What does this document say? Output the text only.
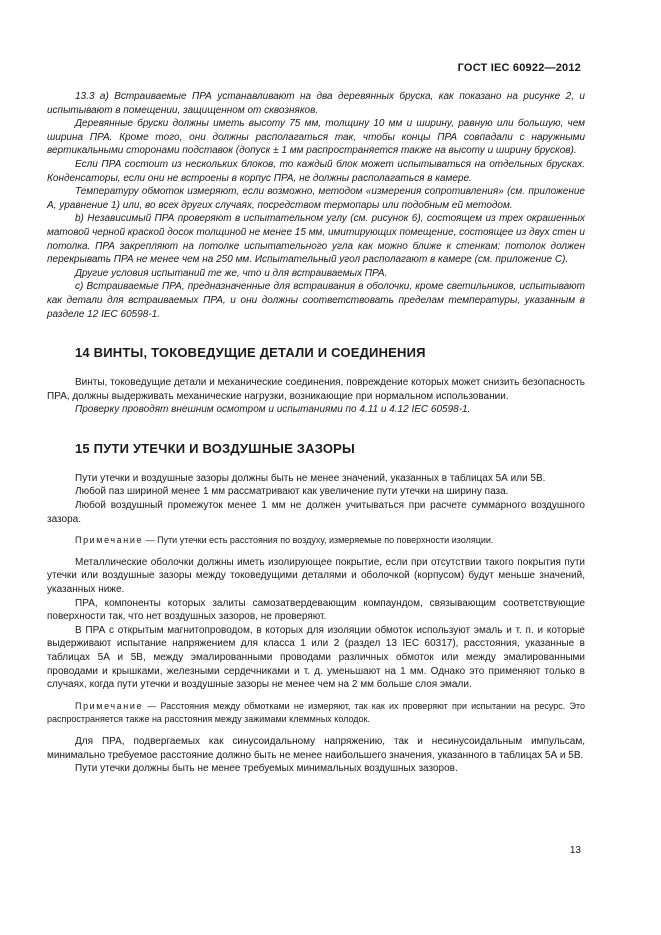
ГОСТ IEC 60922—2012

13.3 a) Встраиваемые ПРА устанавливают на два деревянных бруска, как показано на рисунке 2, и испытывают в помещении, защищенном от сквозняков.

Деревянные бруски должны иметь высоту 75 мм, толщину 10 мм и ширину, равную или большую, чем ширина ПРА. Кроме того, они должны располагаться так, чтобы концы ПРА совпадали с наружными вертикальными сторонами подставок (допуск ± 1 мм распространяется также на высоту и ширину брусков).

Если ПРА состоит из нескольких блоков, то каждый блок может испытываться на отдельных брусках. Конденсаторы, если они не встроены в корпус ПРА, не должны располагаться в камере.

Температуру обмоток измеряют, если возможно, методом «измерения сопротивления» (см. приложение А, уравнение 1) или, во всех других случаях, посредством термопары или подобным ей методом.

b) Независимый ПРА проверяют в испытательном углу (см. рисунок 6), состоящем из трех окрашенных матовой черной краской досок толщиной не менее 15 мм, имитирующих помещение, состоящее из двух стен и потолка. ПРА закрепляют на потолке испытательного угла как можно ближе к стенкам: потолок должен перекрывать ПРА не менее чем на 250 мм. Испытательный угол располагают в камере (см. приложение С).

Другие условия испытаний те же, что и для встраиваемых ПРА.

с) Встраиваемые ПРА, предназначенные для встраивания в оболочки, кроме светильников, испытывают как детали для встраиваемых ПРА, и они должны соответствовать пределам температуры, указанным в разделе 12 IEC 60598-1.

14 ВИНТЫ, ТОКОВЕДУЩИЕ ДЕТАЛИ И СОЕДИНЕНИЯ

Винты, токоведущие детали и механические соединения, повреждение которых может снизить безопасность ПРА, должны выдерживать механические нагрузки, возникающие при нормальном использовании.

Проверку проводят внешним осмотром и испытаниями по 4.11 и 4.12 IEC 60598-1.

15 ПУТИ УТЕЧКИ И ВОЗДУШНЫЕ ЗАЗОРЫ

Пути утечки и воздушные зазоры должны быть не менее значений, указанных в таблицах 5А или 5В.

Любой паз шириной менее 1 мм рассматривают как увеличение пути утечки на ширину паза.

Любой воздушный промежуток менее 1 мм не должен учитываться при расчете суммарного воздушного зазора.

Примечание — Пути утечки есть расстояния по воздуху, измеряемые по поверхности изоляции.

Металлические оболочки должны иметь изолирующее покрытие, если при отсутствии такого покрытия пути утечки или воздушные зазоры между токоведущими деталями и оболочкой (корпусом) будут меньше значений, указанных ниже.

ПРА, компоненты которых залиты самозатвердевающим компаундом, связывающим соответствующие поверхности так, что нет воздушных зазоров, не проверяют.

В ПРА с открытым магнитопроводом, в которых для изоляции обмоток используют эмаль и т. п. и которые выдерживают испытание напряжением для класса 1 или 2 (раздел 13 IEC 60317), расстояния, указанные в таблицах 5А и 5В, между эмалированными проводами различных обмоток или между эмалированными проводами и крышками, железными сердечниками и т. д. уменьшают на 1 мм. Однако это применяют только в случаях, когда пути утечки и воздушные зазоры не менее чем на 2 мм больше слоя эмали.

Примечание — Расстояния между обмотками не измеряют, так как их проверяют при испытании на ресурс. Это распространяется также на расстояния между зажимами клеммных колодок.

Для ПРА, подвергаемых как синусоидальному напряжению, так и несинусоидальным импульсам, минимально требуемое расстояние должно быть не менее наибольшего значения, указанного в таблицах 5А и 5В.

Пути утечки должны быть не менее требуемых минимальных воздушных зазоров.

13
